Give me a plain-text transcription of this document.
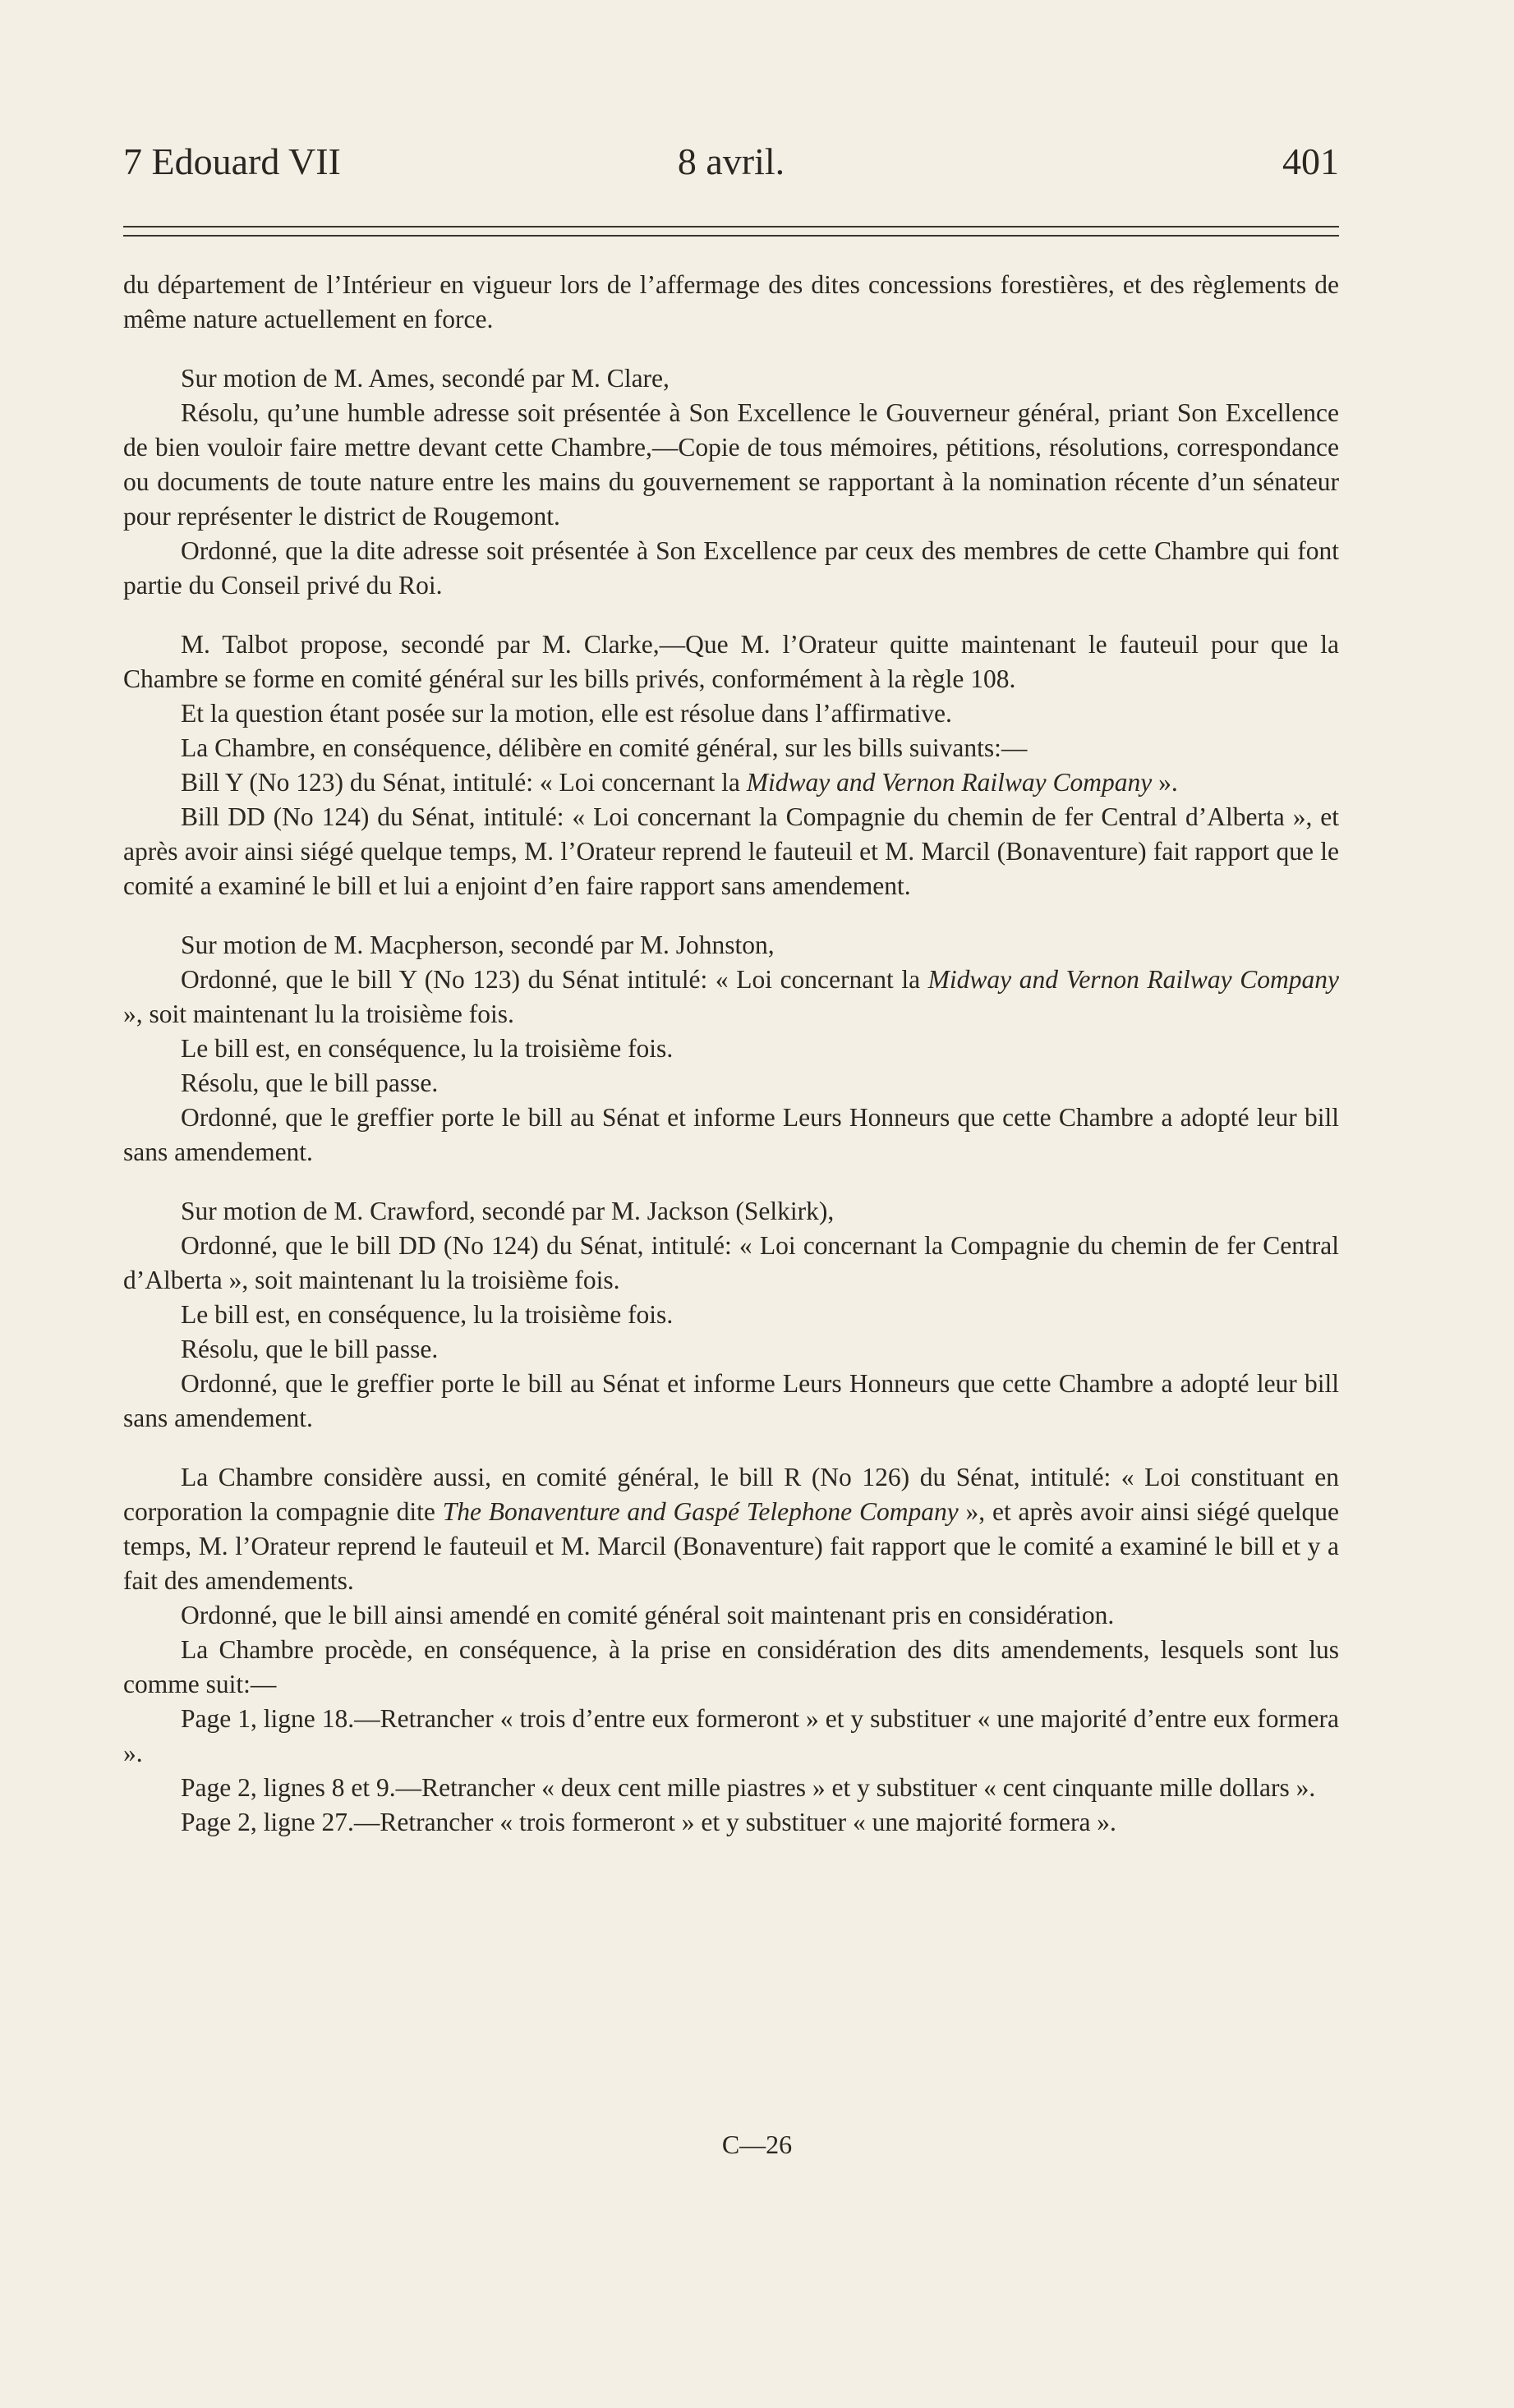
7 Edouard VII	8 avril.	401

du département de l’Intérieur en vigueur lors de l’affermage des dites concessions forestières, et des règlements de même nature actuellement en force.

Sur motion de M. Ames, secondé par M. Clare,

Résolu, qu’une humble adresse soit présentée à Son Excellence le Gouverneur général, priant Son Excellence de bien vouloir faire mettre devant cette Chambre,—Copie de tous mémoires, pétitions, résolutions, correspondance ou documents de toute nature entre les mains du gouvernement se rapportant à la nomination récente d’un sénateur pour représenter le district de Rougemont.

Ordonné, que la dite adresse soit présentée à Son Excellence par ceux des membres de cette Chambre qui font partie du Conseil privé du Roi.

M. Talbot propose, secondé par M. Clarke,—Que M. l’Orateur quitte maintenant le fauteuil pour que la Chambre se forme en comité général sur les bills privés, conformément à la règle 108.

Et la question étant posée sur la motion, elle est résolue dans l’affirmative.

La Chambre, en conséquence, délibère en comité général, sur les bills suivants:—

Bill Y (No 123) du Sénat, intitulé: « Loi concernant la Midway and Vernon Railway Company ».

Bill DD (No 124) du Sénat, intitulé: « Loi concernant la Compagnie du chemin de fer Central d’Alberta », et après avoir ainsi siégé quelque temps, M. l’Orateur reprend le fauteuil et M. Marcil (Bonaventure) fait rapport que le comité a examiné le bill et lui a enjoint d’en faire rapport sans amendement.

Sur motion de M. Macpherson, secondé par M. Johnston,

Ordonné, que le bill Y (No 123) du Sénat intitulé: « Loi concernant la Midway and Vernon Railway Company », soit maintenant lu la troisième fois.

Le bill est, en conséquence, lu la troisième fois.

Résolu, que le bill passe.

Ordonné, que le greffier porte le bill au Sénat et informe Leurs Honneurs que cette Chambre a adopté leur bill sans amendement.

Sur motion de M. Crawford, secondé par M. Jackson (Selkirk),

Ordonné, que le bill DD (No 124) du Sénat, intitulé: « Loi concernant la Compagnie du chemin de fer Central d’Alberta », soit maintenant lu la troisième fois.

Le bill est, en conséquence, lu la troisième fois.

Résolu, que le bill passe.

Ordonné, que le greffier porte le bill au Sénat et informe Leurs Honneurs que cette Chambre a adopté leur bill sans amendement.

La Chambre considère aussi, en comité général, le bill R (No 126) du Sénat, intitulé: « Loi constituant en corporation la compagnie dite The Bonaventure and Gaspé Telephone Company », et après avoir ainsi siégé quelque temps, M. l’Orateur reprend le fauteuil et M. Marcil (Bonaventure) fait rapport que le comité a examiné le bill et y a fait des amendements.

Ordonné, que le bill ainsi amendé en comité général soit maintenant pris en considération.

La Chambre procède, en conséquence, à la prise en considération des dits amendements, lesquels sont lus comme suit:—

Page 1, ligne 18.—Retrancher « trois d’entre eux formeront » et y substituer « une majorité d’entre eux formera ».

Page 2, lignes 8 et 9.—Retrancher « deux cent mille piastres » et y substituer « cent cinquante mille dollars ».

Page 2, ligne 27.—Retrancher « trois formeront » et y substituer « une majorité formera ».

C—26
